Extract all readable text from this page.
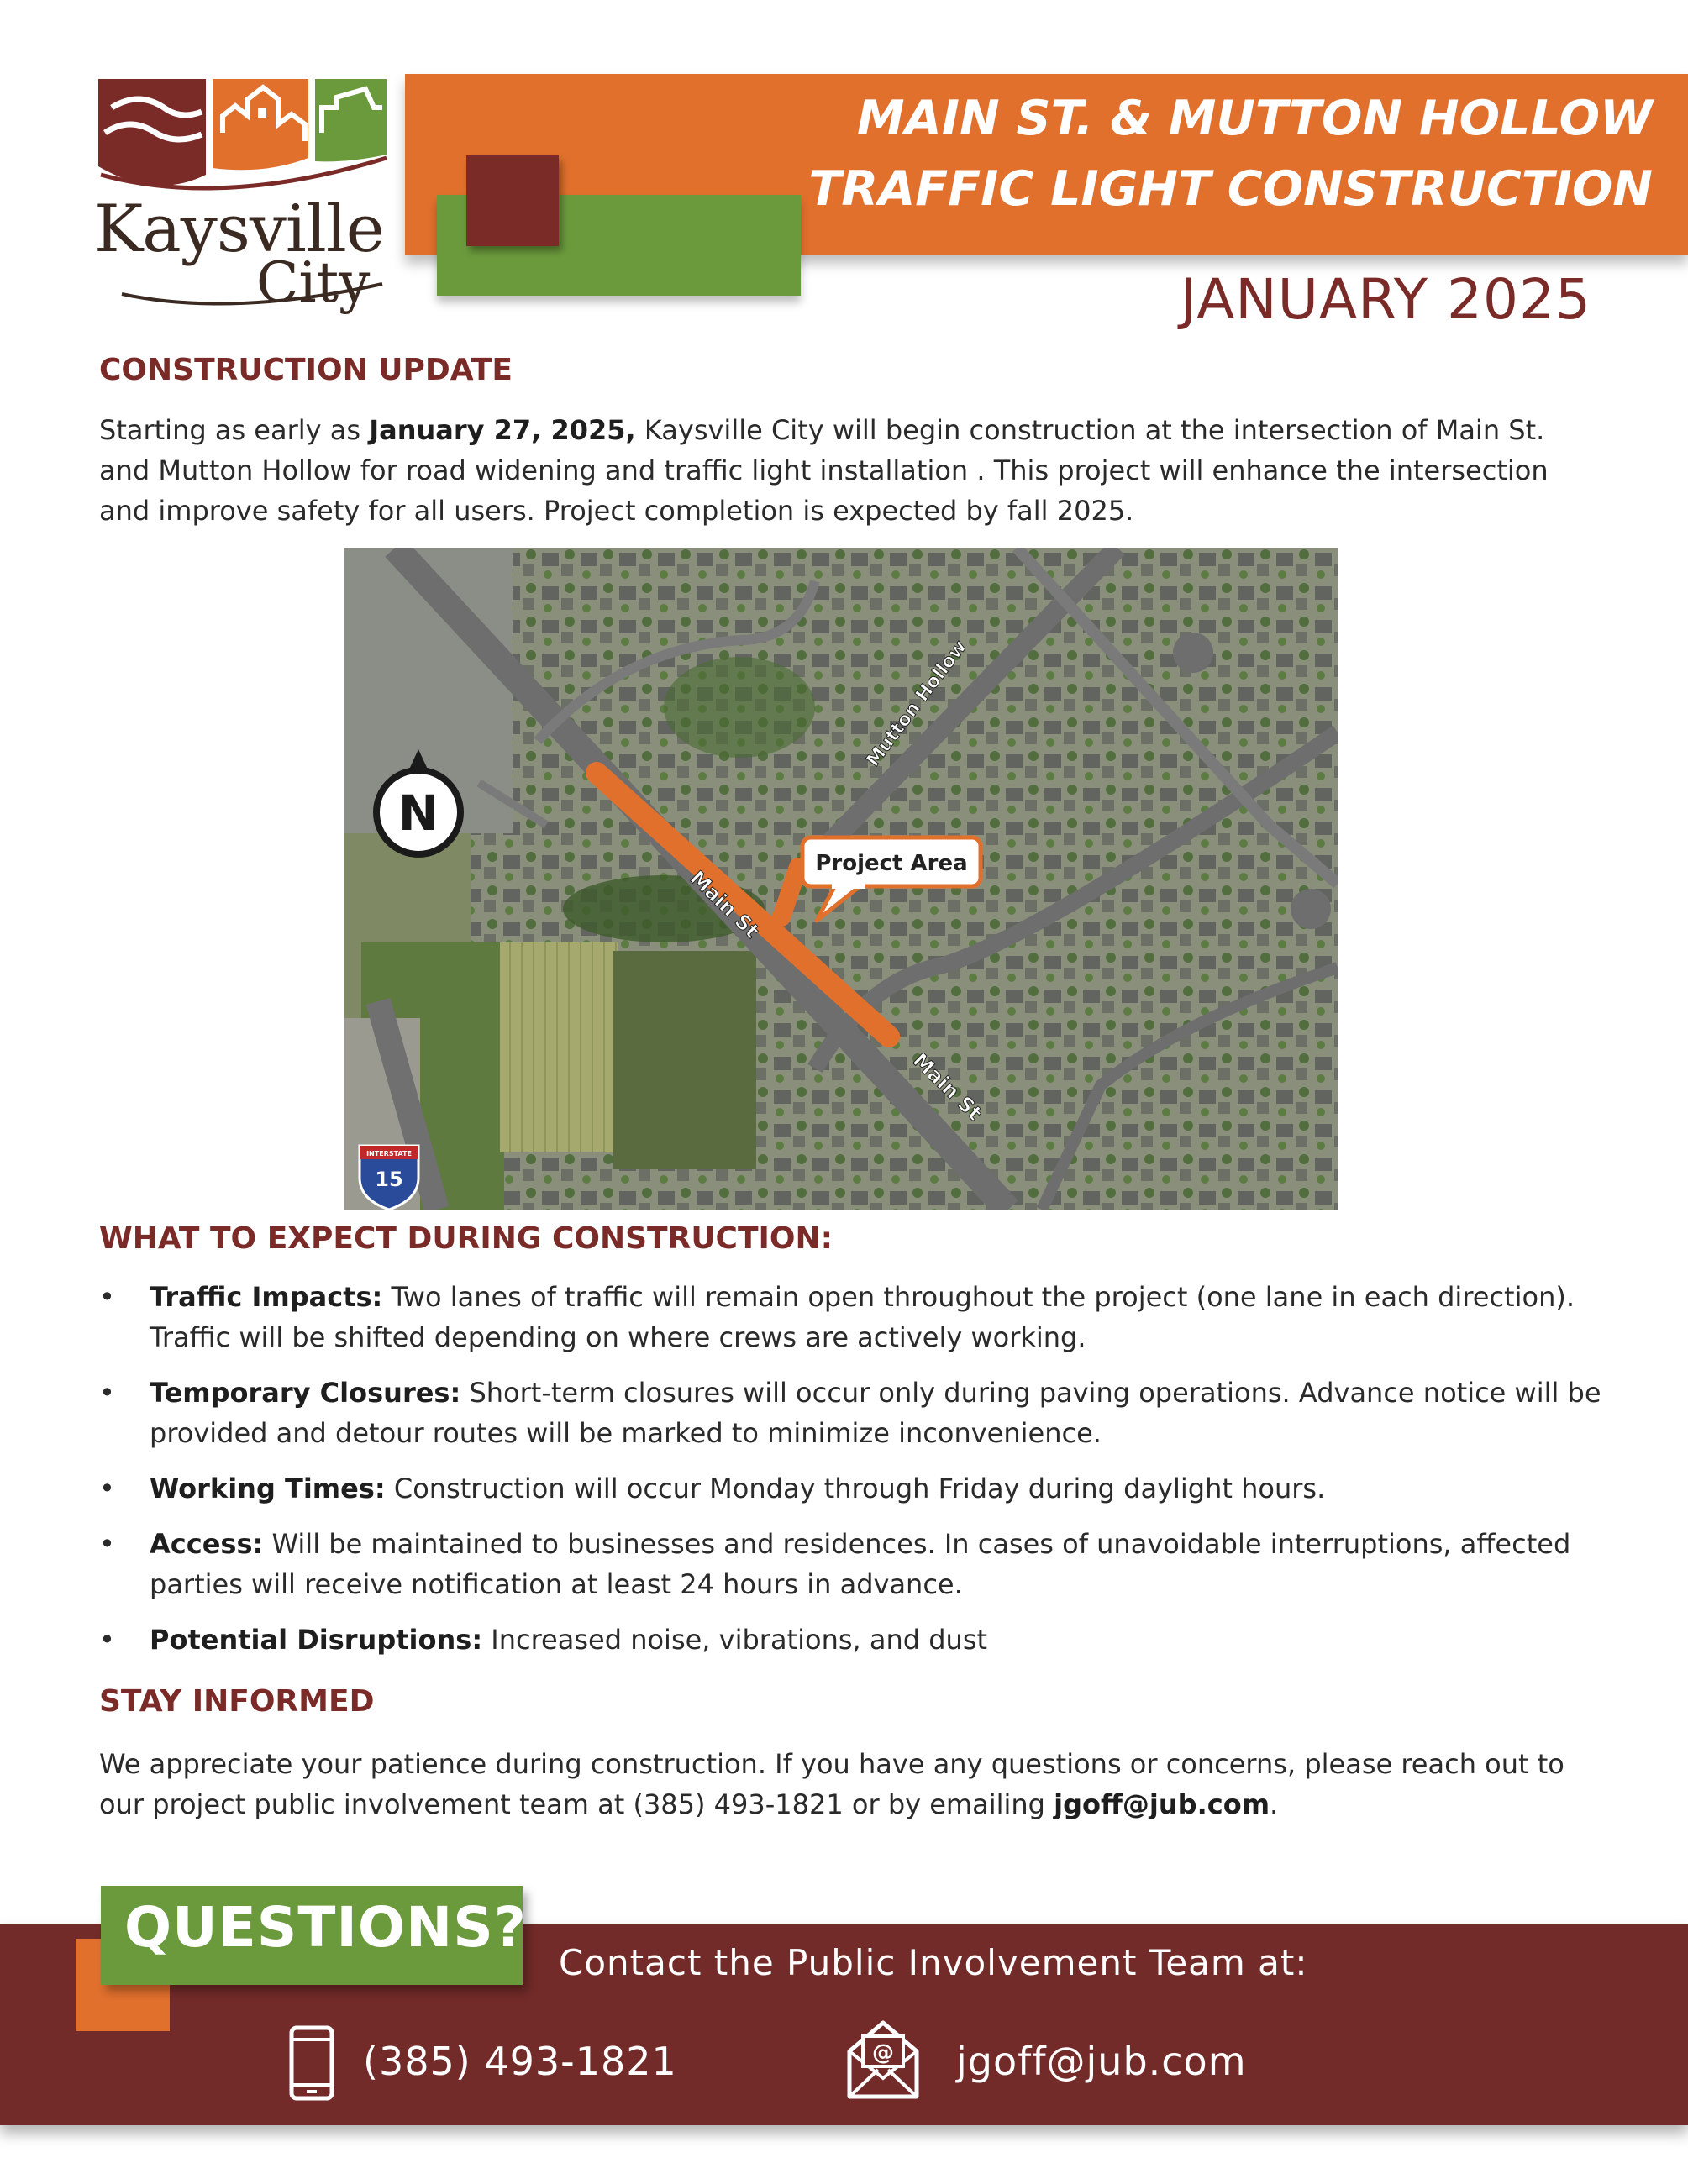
Kaysville
City
MAIN ST. & MUTTON HOLLOW
TRAFFIC LIGHT CONSTRUCTION
JANUARY 2025
CONSTRUCTION UPDATE
Starting as early as January 27, 2025, Kaysville City will begin construction at the intersection of Main St. and Mutton Hollow for road widening and traffic light installation . This project will enhance the intersection and improve safety for all users. Project completion is expected by fall 2025.
N
Main St
Main St
Mutton Hollow
Project Area
INTERSTATE
15
WHAT TO EXPECT DURING CONSTRUCTION:
• Traffic Impacts: Two lanes of traffic will remain open throughout the project (one lane in each direction). Traffic will be shifted depending on where crews are actively working.
• Temporary Closures: Short-term closures will occur only during paving operations. Advance notice will be provided and detour routes will be marked to minimize inconvenience.
• Working Times: Construction will occur Monday through Friday during daylight hours.
• Access: Will be maintained to businesses and residences. In cases of unavoidable interruptions, affected parties will receive notification at least 24 hours in advance.
• Potential Disruptions: Increased noise, vibrations, and dust
STAY INFORMED
We appreciate your patience during construction. If you have any questions or concerns, please reach out to our project public involvement team at (385) 493-1821 or by emailing jgoff@jub.com.
QUESTIONS?
Contact the Public Involvement Team at:
(385) 493-1821	@ jgoff@jub.com
